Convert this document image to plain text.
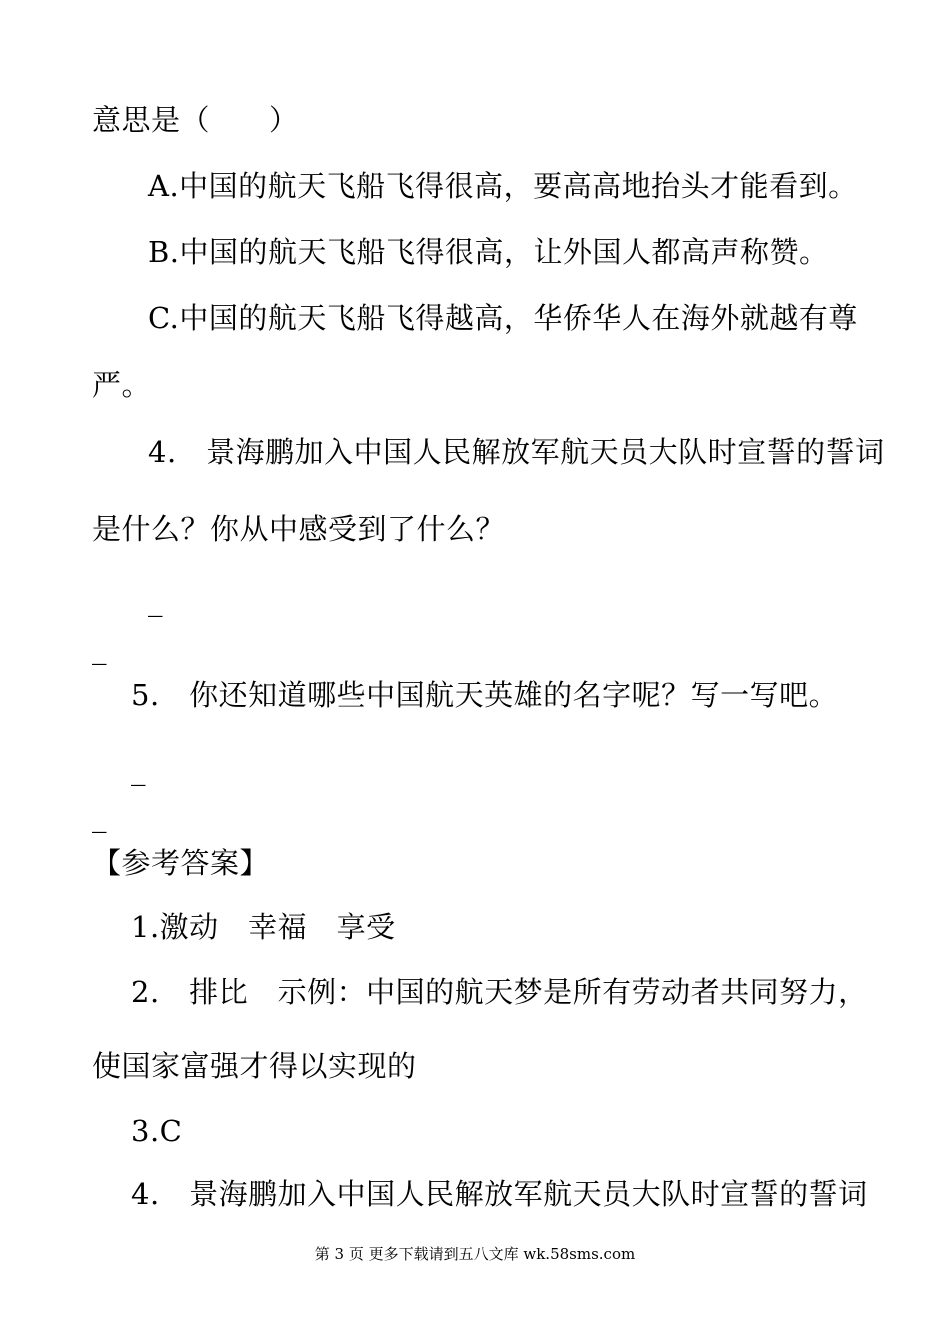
意思是（　　）
A.中国的航天飞船飞得很高，要高高地抬头才能看到。
B.中国的航天飞船飞得很高，让外国人都高声称赞。
C.中国的航天飞船飞得越高，华侨华人在海外就越有尊
严。
4.　景海鹏加入中国人民解放军航天员大队时宣誓的誓词
是什么？你从中感受到了什么？
_
_
5.　你还知道哪些中国航天英雄的名字呢？写一写吧。
_
_
【参考答案】
1.激动　幸福　享受
2.　排比　示例：中国的航天梦是所有劳动者共同努力，
使国家富强才得以实现的
3.C
4.　景海鹏加入中国人民解放军航天员大队时宣誓的誓词
第 3 页 更多下载请到五八文库 wk.58sms.com
